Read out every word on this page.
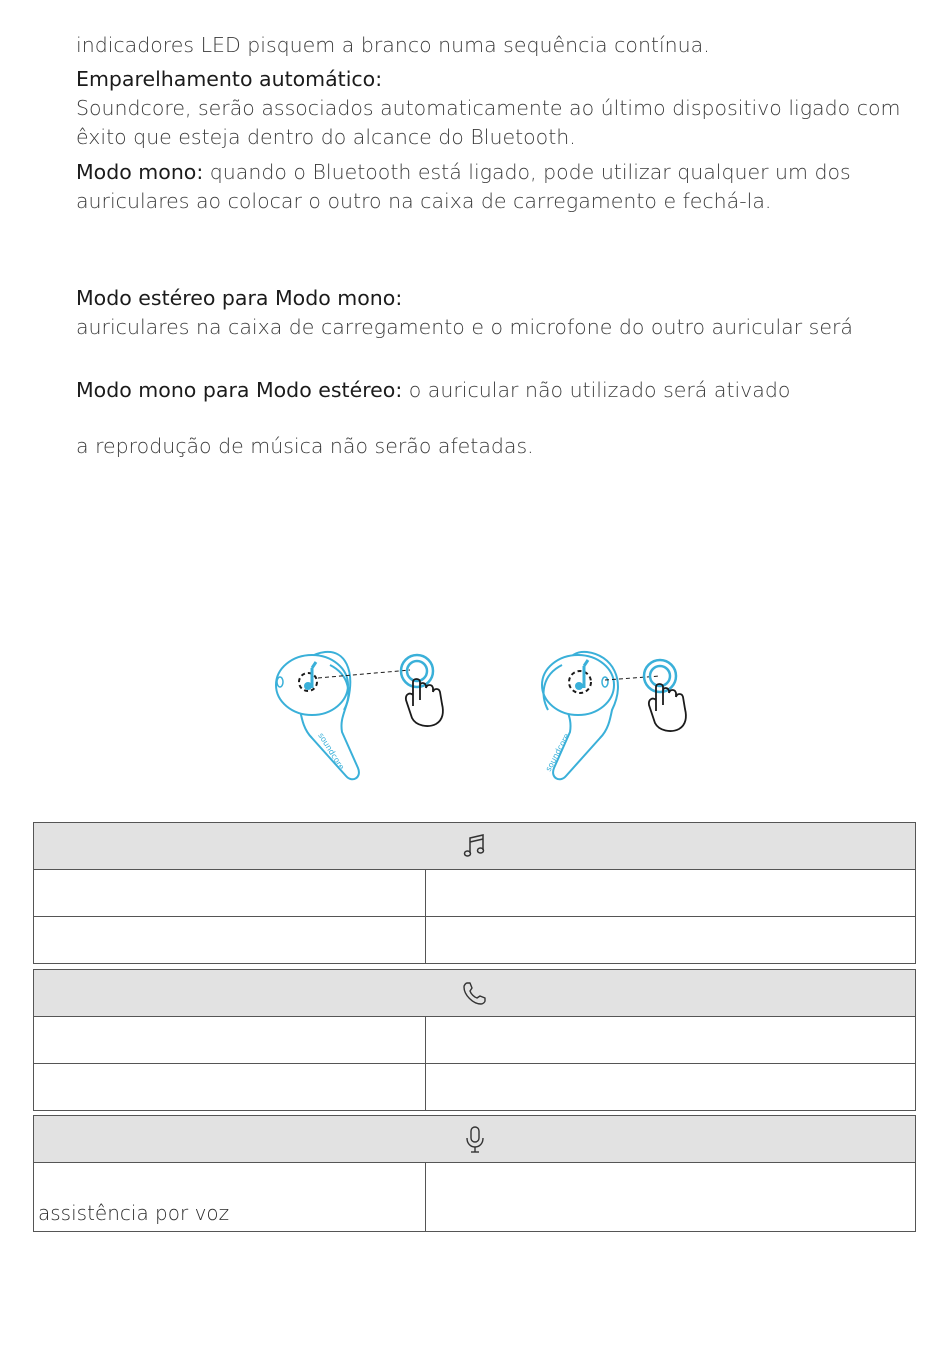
indicadores LED pisquem a branco numa sequência contínua.

Emparelhamento automático:
Soundcore, serão associados automaticamente ao último dispositivo ligado com êxito que esteja dentro do alcance do Bluetooth.
Modo mono: quando o Bluetooth está ligado, pode utilizar qualquer um dos auriculares ao colocar o outro na caixa de carregamento e fechá-la.
Modo estéreo para Modo mono:
auriculares na caixa de carregamento e o microfone do outro auricular será
Modo mono para Modo estéreo: o auricular não utilizado será ativado
a reprodução de música não serão afetadas.
soundcore	soundcore
assistência por voz
